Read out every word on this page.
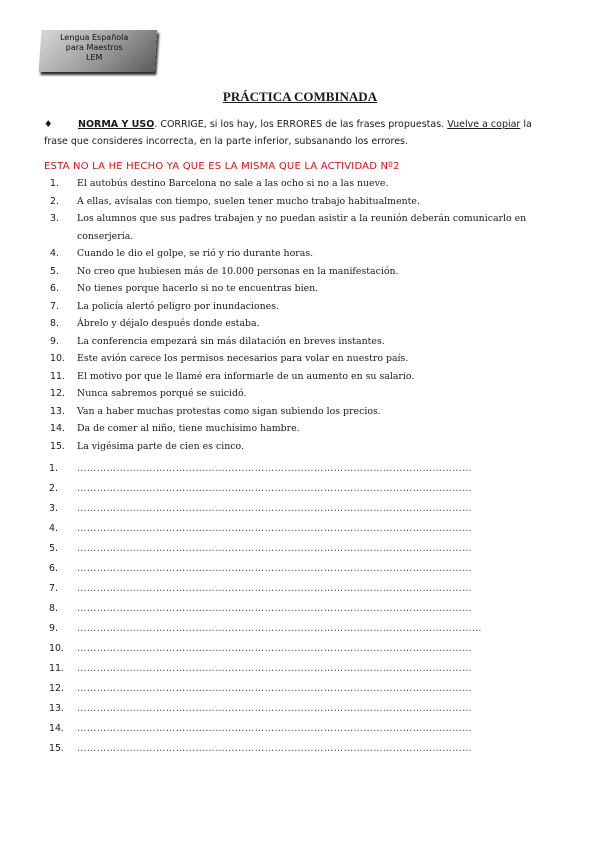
Lengua Española
para Maestros
LEM
PRÁCTICA COMBINADA
♦	NORMA Y USO. CORRIGE, si los hay, los ERRORES de las frases propuestas. Vuelve a copiar la frase que consideres incorrecta, en la parte inferior, subsanando los errores.
ESTA NO LA HE HECHO YA QUE ES LA MISMA QUE LA ACTIVIDAD Nº2
1. El autobús destino Barcelona no sale a las ocho si no a las nueve.
2. A ellas, avísalas con tiempo, suelen tener mucho trabajo habitualmente.
3. Los alumnos que sus padres trabajen y no puedan asistir a la reunión deberán comunicarlo en conserjería.
4. Cuando le dio el golpe, se rió y rio durante horas.
5. No creo que hubiesen más de 10.000 personas en la manifestación.
6. No tienes porque hacerlo si no te encuentras bien.
7. La policía alertó peligro por inundaciones.
8. Ábrelo y déjalo después donde estaba.
9. La conferencia empezará sin más dilatación en breves instantes.
10. Este avión carece los permisos necesarios para volar en nuestro país.
11. El motivo por que le llamé era informarle de un aumento en su salario.
12. Nunca sabremos porqué se suicidó.
13. Van a haber muchas protestas como sigan subiendo los precios.
14. Da de comer al niño, tiene muchísimo hambre.
15. La vigésima parte de cien es cinco.
1. …………………………………………………………………………………………………………
2. …………………………………………………………………………………………………………
3. …………………………………………………………………………………………………………
4. …………………………………………………………………………………………………………
5. …………………………………………………………………………………………………………
6. …………………………………………………………………………………………………………
7. …………………………………………………………………………………………………………
8. …………………………………………………………………………………………………………
9. ……………………………………………………………………………………………………………
10. …………………………………………………………………………………………………………
11. …………………………………………………………………………………………………………
12. …………………………………………………………………………………………………………
13. …………………………………………………………………………………………………………
14. …………………………………………………………………………………………………………
15. …………………………………………………………………………………………………………
